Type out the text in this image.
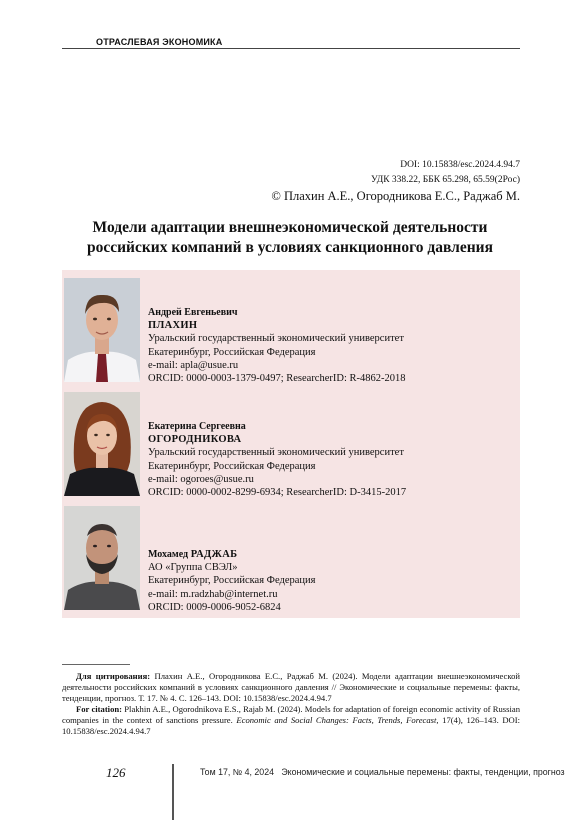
ОТРАСЛЕВАЯ ЭКОНОМИКА
DOI: 10.15838/esc.2024.4.94.7
УДК 338.22, ББК 65.298, 65.59(2Рос)
© Плахин А.Е., Огородникова Е.С., Раджаб М.
Модели адаптации внешнеэкономической деятельности российских компаний в условиях санкционного давления
Андрей Евгеньевич
ПЛАХИН
Уральский государственный экономический университет
Екатеринбург, Российская Федерация
e-mail: apla@usue.ru
ORCID: 0000-0003-1379-0497; ResearcherID: R-4862-2018
Екатерина Сергеевна
ОГОРОДНИКОВА
Уральский государственный экономический университет
Екатеринбург, Российская Федерация
e-mail: ogoroes@usue.ru
ORCID: 0000-0002-8299-6934; ResearcherID: D-3415-2017
Мохамед РАДЖАБ
АО «Группа СВЭЛ»
Екатеринбург, Российская Федерация
e-mail: m.radzhab@internet.ru
ORCID: 0009-0006-9052-6824
Для цитирования: Плахин А.Е., Огородникова Е.С., Раджаб М. (2024). Модели адаптации внешнеэкономической деятельности российских компаний в условиях санкционного давления // Экономические и социальные перемены: факты, тенденции, прогноз. Т. 17. № 4. С. 126–143. DOI: 10.15838/esc.2024.4.94.7
For citation: Plakhin A.E., Ogorodnikova E.S., Rajab M. (2024). Models for adaptation of foreign economic activity of Russian companies in the context of sanctions pressure. Economic and Social Changes: Facts, Trends, Forecast, 17(4), 126–143. DOI: 10.15838/esc.2024.4.94.7
126	Том 17, № 4, 2024 Экономические и социальные перемены: факты, тенденции, прогноз
